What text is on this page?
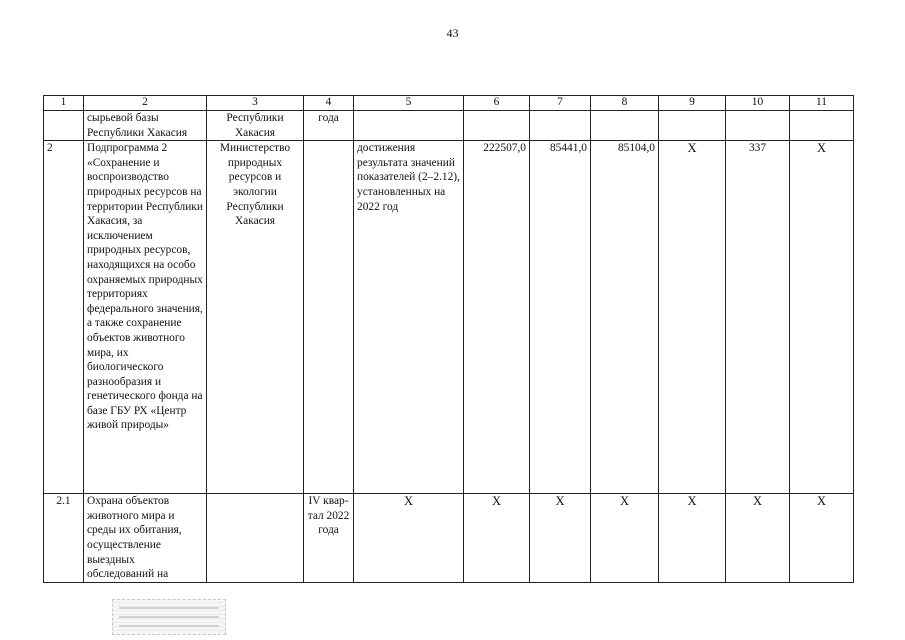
43
1	2	3	4	5	6	7	8	9	10	11
	сырьевой базы Республики Хакасия	Республики Хакасия	года							
2	Подпрограмма 2 «Сохранение и воспроизводство природных ресурсов на территории Республики Хакасия, за исключением природных ресурсов, находящихся на особо охраняемых природных территориях федерального значения, а также сохранение объектов животного мира, их биологического разнообразия и генетического фонда на базе ГБУ РХ «Центр живой природы»	Министерство природных ресурсов и экологии Республики Хакасия		достижения результата значений показателей (2–2.12), установленных на 2022 год	222507,0	85441,0	85104,0	Х	337	Х
2.1	Охрана объектов животного мира и среды их обитания, осуществление выездных обследований на		IV квар-тал 2022 года	Х	Х	Х	Х	Х	Х	Х
